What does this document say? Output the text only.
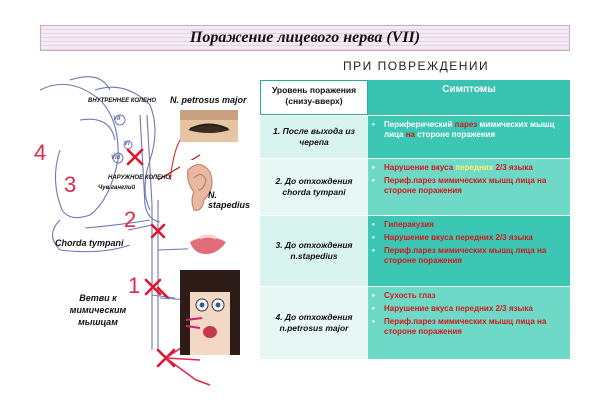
Поражение лицевого нерва (VII)
ПРИ ПОВРЕЖДЕНИИ
ВНУТРЕННЕЕ КОЛЕНО N. petrosus major
НАРУЖНОЕ КОЛЕНО:
Чув.ганглий
N. stapedius
Chorda tympani
Ветви к мимическим мышцам
4
3
2
1
VII
VIII
VI
Уровень поражения (снизу-вверх)
Симптомы
1. После выхода из черепа
•	Периферический парез мимических мышц лица на стороне поражения
2. До отхождения chorda tympani
•	Нарушение вкуса передних 2/3 языка
•	Периф.парез мимических мышц лица на стороне поражения
3. До отхождения n.stapedius
•	Гиперакузия
•	Нарушение вкуса передних 2/3 языка
•	Периф.парез мимических мышц лица на стороне поражения
4. До отхождения n.petrosus major
•	Сухость глаз
•	Нарушение вкуса передних 2/3 языка
•	Периф.парез мимических мышц лица на стороне поражения
